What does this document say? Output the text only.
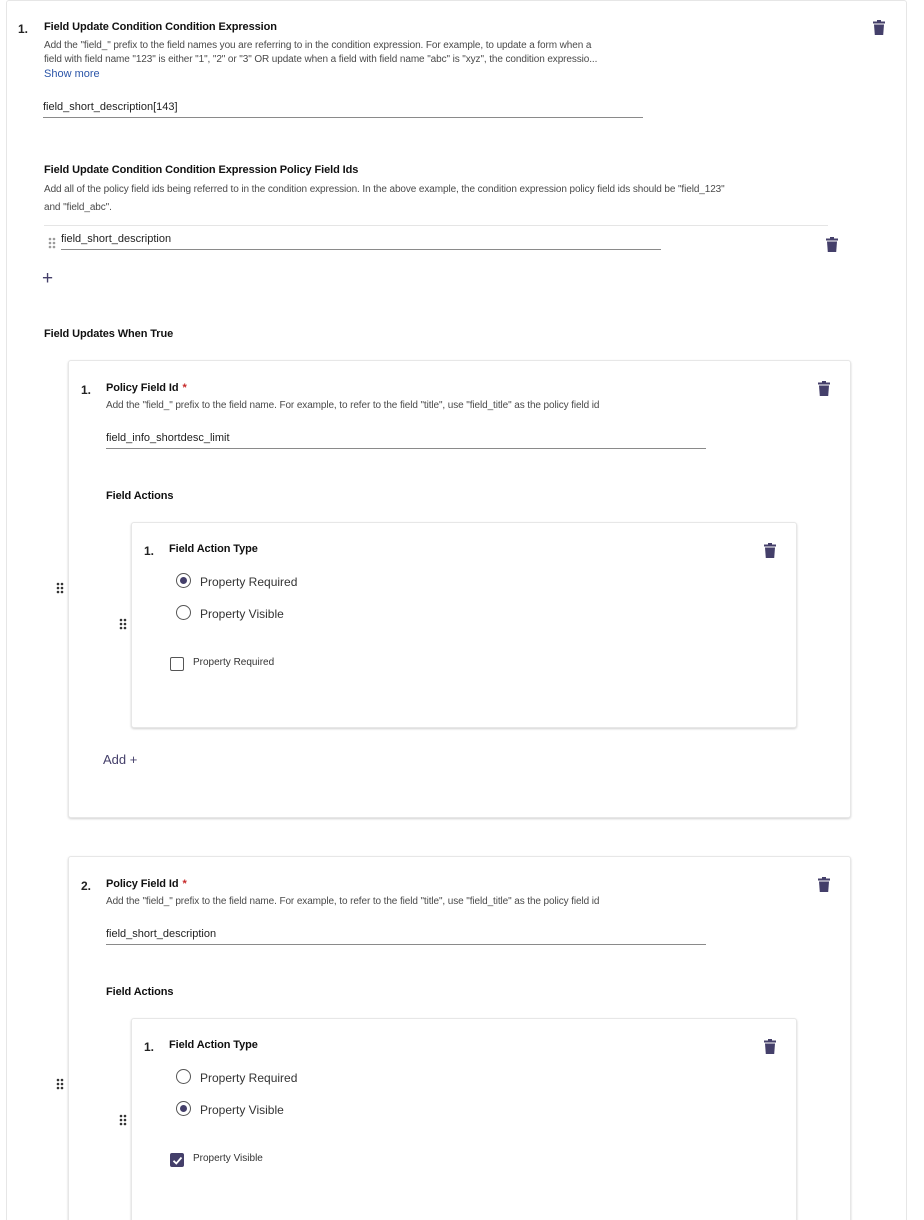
1. Field Update Condition Condition Expression
Add the "field_" prefix to the field names you are referring to in the condition expression. For example, to update a form when a
field with field name "123" is either "1", "2" or "3" OR update when a field with field name "abc" is "xyz", the condition expressio...
Show more
field_short_description[143]
Field Update Condition Condition Expression Policy Field Ids
Add all of the policy field ids being referred to in the condition expression. In the above example, the condition expression policy field ids should be "field_123"
and "field_abc".
field_short_description
+
Field Updates When True
1. Policy Field Id *
Add the "field_" prefix to the field name. For example, to refer to the field "title", use "field_title" as the policy field id
field_info_shortdesc_limit
Field Actions
1. Field Action Type
Property Required
Property Visible
Property Required
Add +
2. Policy Field Id *
Add the "field_" prefix to the field name. For example, to refer to the field "title", use "field_title" as the policy field id
field_short_description
Field Actions
1. Field Action Type
Property Required
Property Visible
Property Visible
